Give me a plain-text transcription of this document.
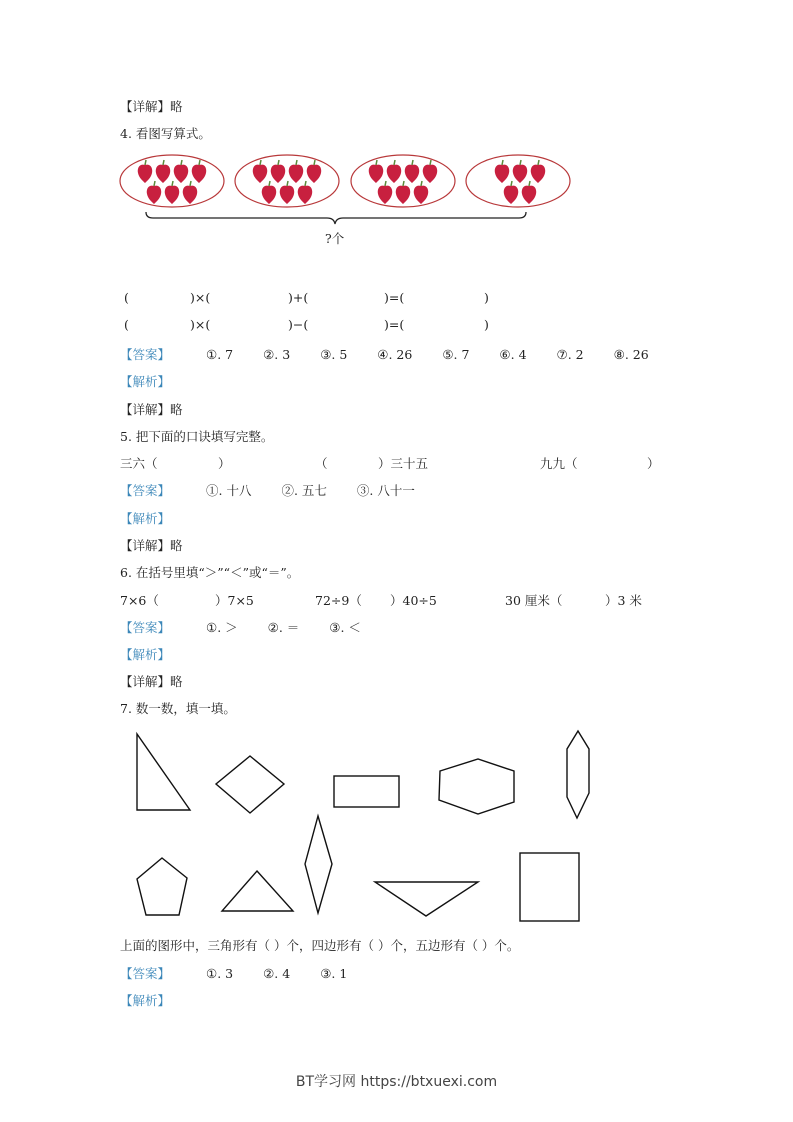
【详解】略
4. 看图写算式。
?个
(	)×(	)+(	)=(	)
(	)×(	)−(	)=(	)
【答案】	①. 7 ②. 3 ③. 5 ④. 26 ⑤. 7 ⑥. 4 ⑦. 2 ⑧. 26
【解析】
【详解】略
5. 把下面的口诀填写完整。
三六（	）	（	）三十五	九九（	）
【答案】	①. 十八 ②. 五七 ③. 八十一
【解析】
【详解】略
6. 在括号里填“＞”“＜”或“＝”。
7×6（	）7×5	72÷9（ ）40÷5	30 厘米（	）3 米
【答案】	①. ＞ ②. ＝ ③. ＜
【解析】
【详解】略
7. 数一数，填一填。
上面的图形中，三角形有（ ）个，四边形有（ ）个，五边形有（ ）个。
【答案】	①. 3 ②. 4 ③. 1
【解析】
BT学习网 https://btxuexi.com
